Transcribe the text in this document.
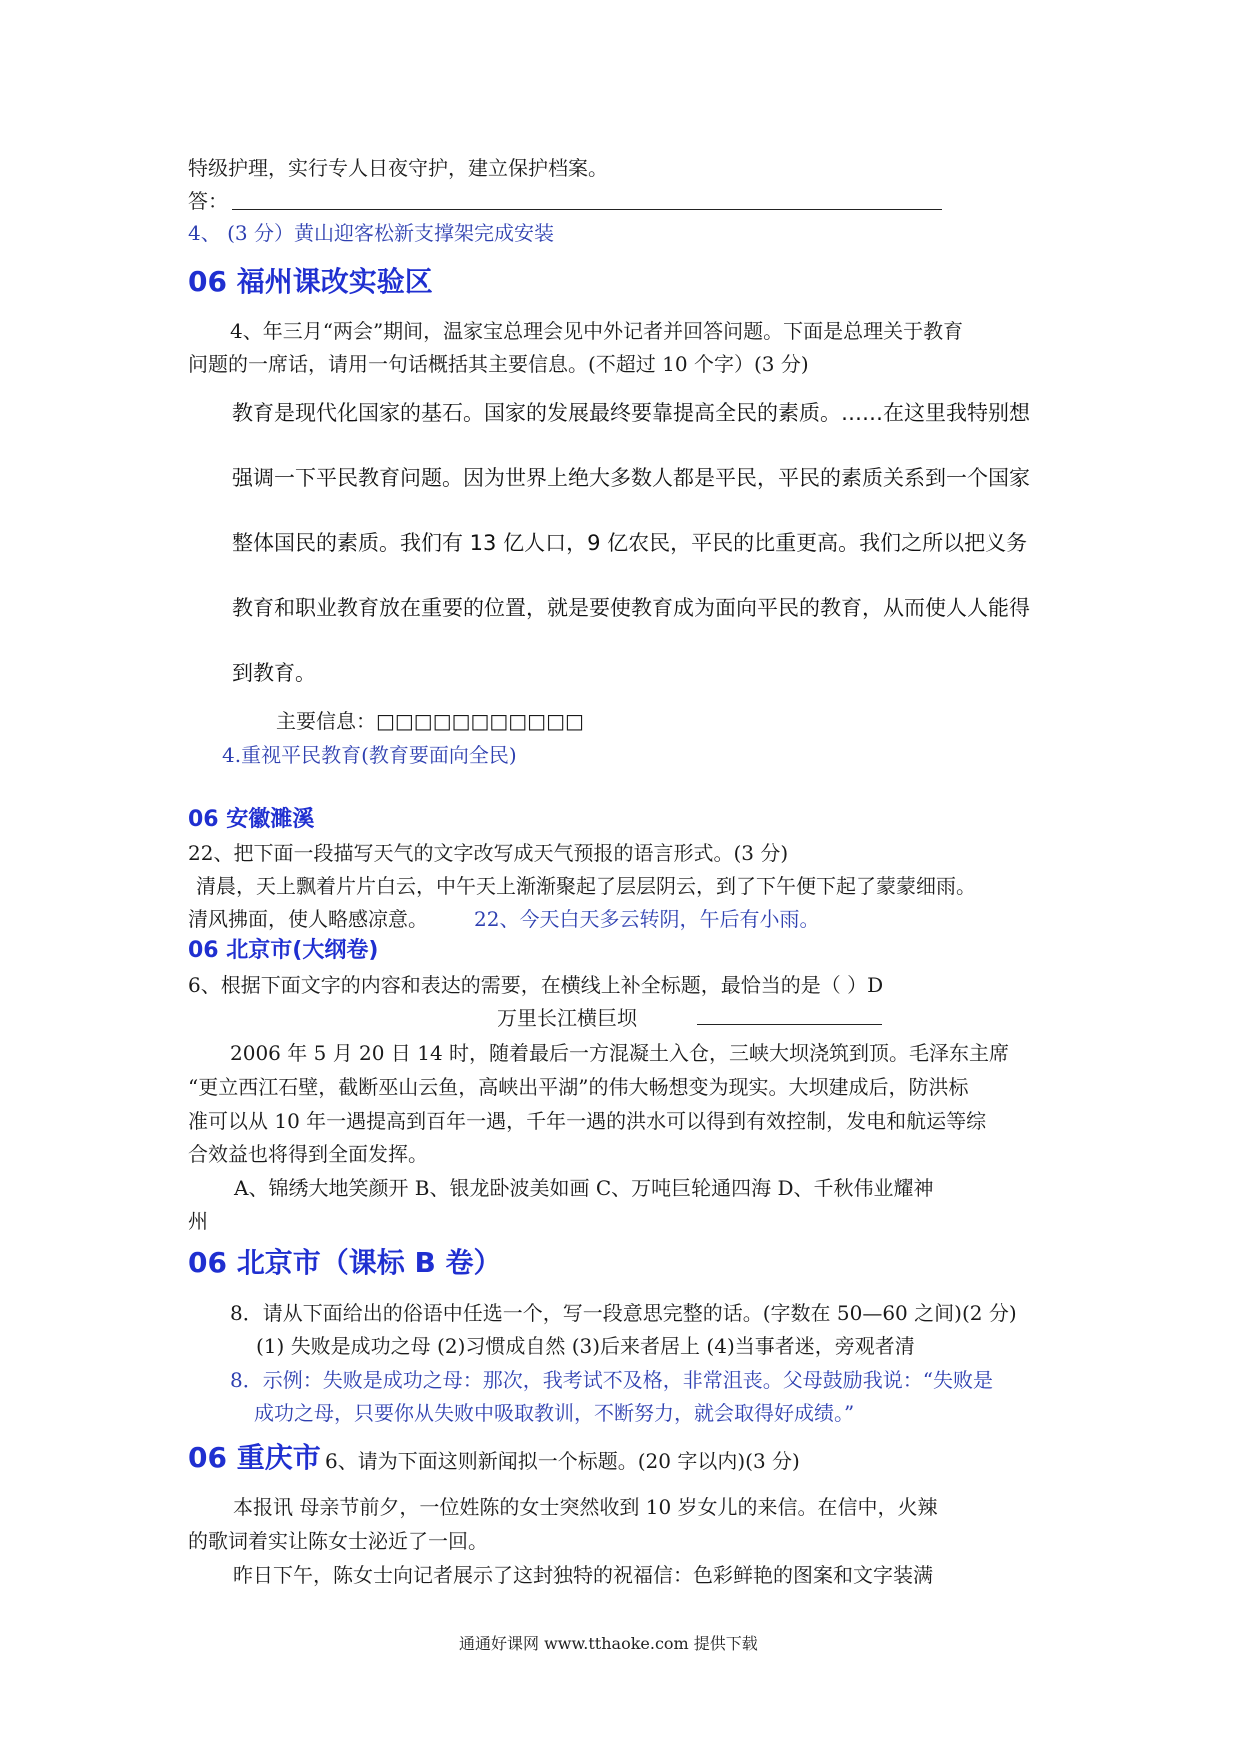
特级护理，实行专人日夜守护，建立保护档案。
答：
4、 (3 分）黄山迎客松新支撑架完成安装
06 福州课改实验区
4、年三月“两会”期间，温家宝总理会见中外记者并回答问题。下面是总理关于教育
问题的一席话，请用一句话概括其主要信息。(不超过 10 个字）(3 分)
教育是现代化国家的基石。国家的发展最终要靠提高全民的素质。……在这里我特别想
强调一下平民教育问题。因为世界上绝大多数人都是平民，平民的素质关系到一个国家
整体国民的素质。我们有 13 亿人口，9 亿农民，平民的比重更高。我们之所以把义务
教育和职业教育放在重要的位置，就是要使教育成为面向平民的教育，从而使人人能得
到教育。
主要信息：□□□□□□□□□□□
4.重视平民教育(教育要面向全民)
06 安徽濉溪
22、把下面一段描写天气的文字改写成天气预报的语言形式。(3 分)
清晨，天上飘着片片白云，中午天上渐渐聚起了层层阴云，到了下午便下起了蒙蒙细雨。
清风拂面，使人略感凉意。 22、今天白天多云转阴，午后有小雨。
06 北京市(大纲卷)
6、根据下面文字的内容和表达的需要，在横线上补全标题，最恰当的是（ ）D
万里长江横巨坝
2006 年 5 月 20 日 14 时，随着最后一方混凝土入仓，三峡大坝浇筑到顶。毛泽东主席
“更立西江石壁，截断巫山云鱼，高峡出平湖”的伟大畅想变为现实。大坝建成后，防洪标
准可以从 10 年一遇提高到百年一遇，千年一遇的洪水可以得到有效控制，发电和航运等综
合效益也将得到全面发挥。
A、锦绣大地笑颜开 B、银龙卧波美如画 C、万吨巨轮通四海 D、千秋伟业耀神
州
06 北京市（课标 B 卷）
8．请从下面给出的俗语中任选一个，写一段意思完整的话。(字数在 50—60 之间)(2 分)
(1) 失败是成功之母 (2)习惯成自然 (3)后来者居上 (4)当事者迷，旁观者清
8．示例：失败是成功之母：那次，我考试不及格，非常沮丧。父母鼓励我说：“失败是
成功之母，只要你从失败中吸取教训，不断努力，就会取得好成绩。”
06 重庆市 6、请为下面这则新闻拟一个标题。(20 字以内)(3 分)
本报讯 母亲节前夕，一位姓陈的女士突然收到 10 岁女儿的来信。在信中，火辣
的歌词着实让陈女士泌近了一回。
昨日下午，陈女士向记者展示了这封独特的祝福信：色彩鲜艳的图案和文字装满
通通好课网 www.tthaoke.com 提供下载
